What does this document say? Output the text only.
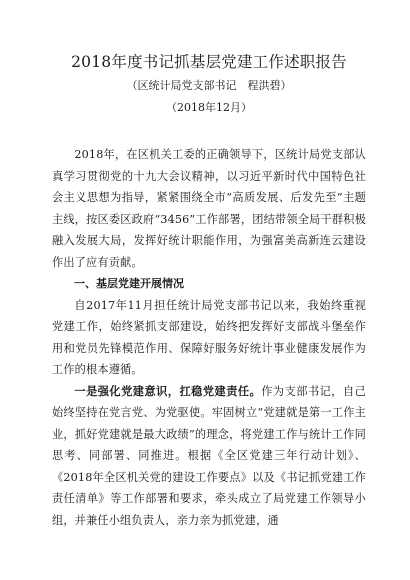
2018年度书记抓基层党建工作述职报告

（区统计局党支部书记　程洪碧）

（2018年12月）

2018年，在区机关工委的正确领导下，区统计局党支部认真学习贯彻党的十九大会议精神，以习近平新时代中国特色社会主义思想为指导，紧紧围绕全市“高质发展、后发先至”主题主线，按区委区政府“3456”工作部署，团结带领全局干群积极融入发展大局，发挥好统计职能作用，为强富美高新连云建设作出了应有贡献。

一、基层党建开展情况

自2017年11月担任统计局党支部书记以来，我始终重视党建工作，始终紧抓支部建设，始终把发挥好支部战斗堡垒作用和党员先锋模范作用、保障好服务好统计事业健康发展作为工作的根本遵循。

一是强化党建意识，扛稳党建责任。作为支部书记，自己始终坚持在党言党、为党驱使。牢固树立“党建就是第一工作主业，抓好党建就是最大政绩”的理念，将党建工作与统计工作同思考、同部署、同推进。根据《全区党建三年行动计划》、《2018年全区机关党的建设工作要点》以及《书记抓党建工作责任清单》等工作部署和要求，牵头成立了局党建工作领导小组，并兼任小组负责人，亲力亲为抓党建，通
